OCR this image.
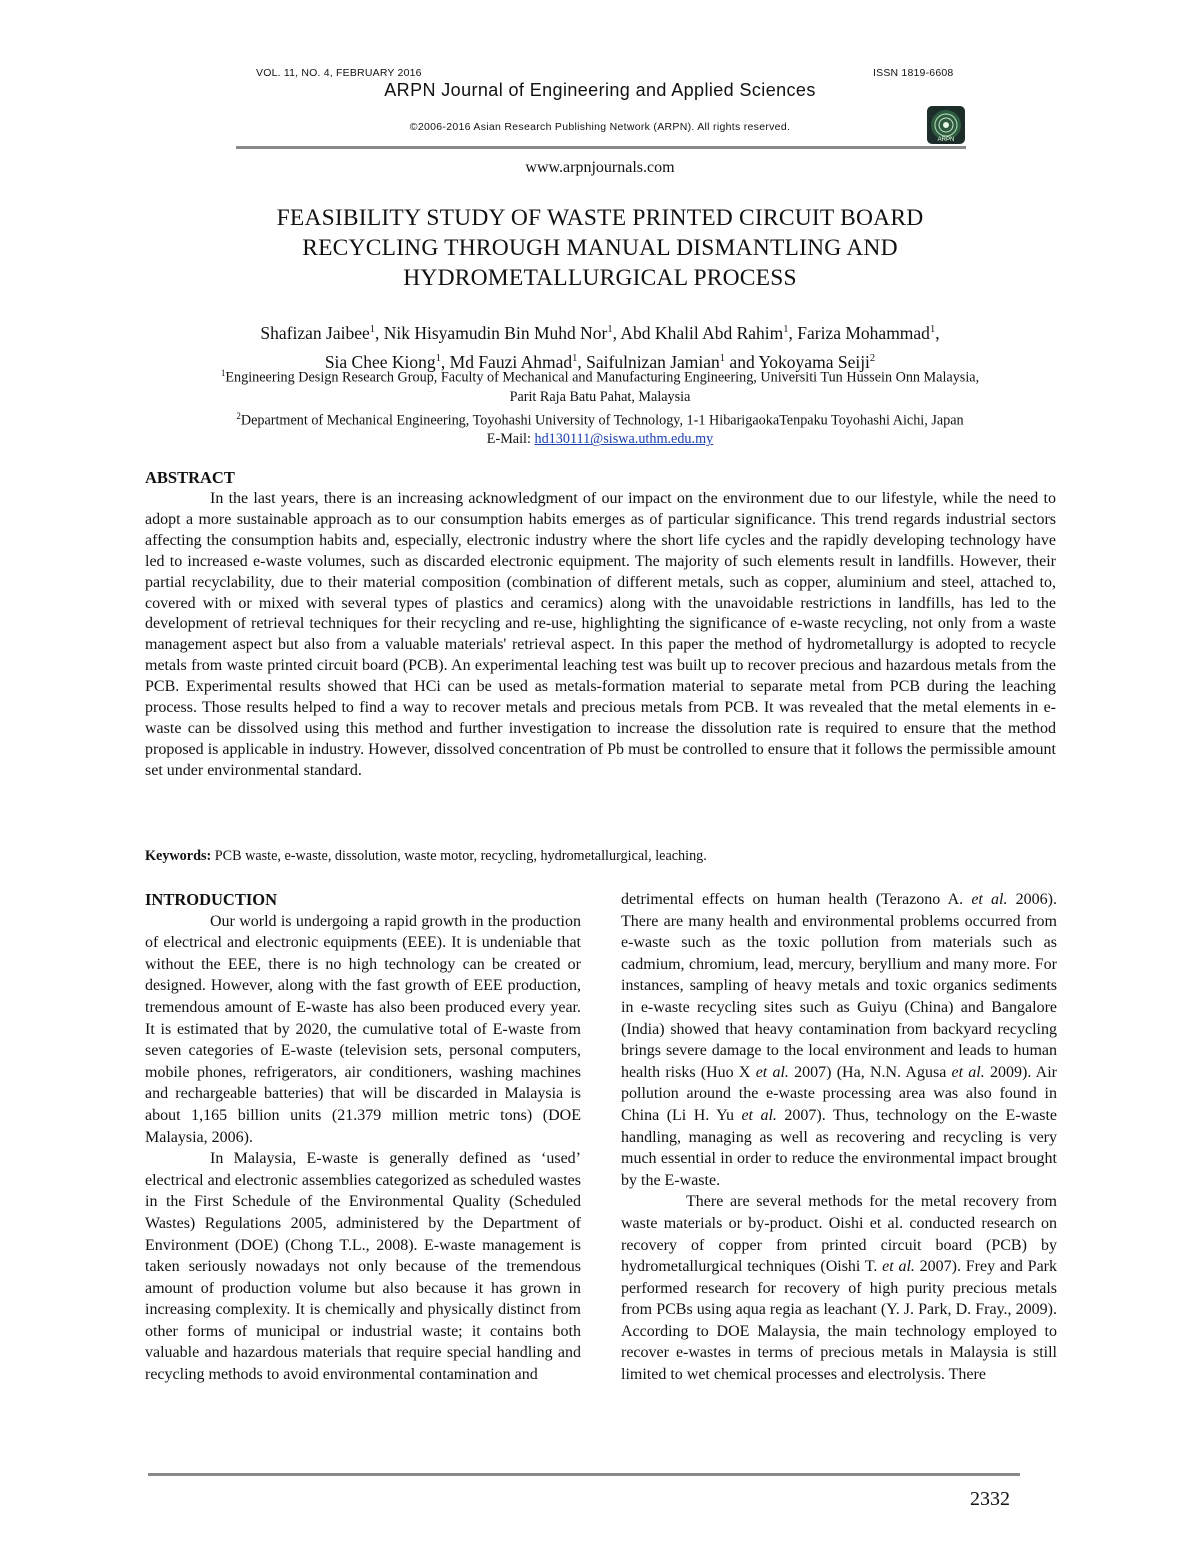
VOL. 11, NO. 4, FEBRUARY 2016	ISSN 1819-6608
ARPN Journal of Engineering and Applied Sciences
©2006-2016 Asian Research Publishing Network (ARPN). All rights reserved.
ARPN
www.arpnjournals.com
FEASIBILITY STUDY OF WASTE PRINTED CIRCUIT BOARD
RECYCLING THROUGH MANUAL DISMANTLING AND
HYDROMETALLURGICAL PROCESS
Shafizan Jaibee$^1$, Nik Hisyamudin Bin Muhd Nor$^1$, Abd Khalil Abd Rahim$^1$, Fariza Mohammad$^1$,
Sia Chee Kiong$^1$, Md Fauzi Ahmad$^1$, Saifulnizan Jamian$^1$ and Yokoyama Seiji$^2$
$^1$Engineering Design Research Group, Faculty of Mechanical and Manufacturing Engineering, Universiti Tun Hussein Onn Malaysia,
Parit Raja Batu Pahat, Malaysia
$^2$Department of Mechanical Engineering, Toyohashi University of Technology, 1-1 HibarigaokaTenpaku Toyohashi Aichi, Japan
E-Mail: hd130111@siswa.uthm.edu.my
ABSTRACT

In the last years, there is an increasing acknowledgment of our impact on the environment due to our lifestyle, while the need to adopt a more sustainable approach as to our consumption habits emerges as of particular significance. This trend regards industrial sectors affecting the consumption habits and, especially, electronic industry where the short life cycles and the rapidly developing technology have led to increased e-waste volumes, such as discarded electronic equipment. The majority of such elements result in landfills. However, their partial recyclability, due to their material composition (combination of different metals, such as copper, aluminium and steel, attached to, covered with or mixed with several types of plastics and ceramics) along with the unavoidable restrictions in landfills, has led to the development of retrieval techniques for their recycling and re-use, highlighting the significance of e-waste recycling, not only from a waste management aspect but also from a valuable materials' retrieval aspect. In this paper the method of hydrometallurgy is adopted to recycle metals from waste printed circuit board (PCB). An experimental leaching test was built up to recover precious and hazardous metals from the PCB. Experimental results showed that HCi can be used as metals-formation material to separate metal from PCB during the leaching process. Those results helped to find a way to recover metals and precious metals from PCB. It was revealed that the metal elements in e-waste can be dissolved using this method and further investigation to increase the dissolution rate is required to ensure that the method proposed is applicable in industry. However, dissolved concentration of Pb must be controlled to ensure that it follows the permissible amount set under environmental standard.

Keywords: PCB waste, e-waste, dissolution, waste motor, recycling, hydrometallurgical, leaching.
INTRODUCTION

Our world is undergoing a rapid growth in the production of electrical and electronic equipments (EEE). It is undeniable that without the EEE, there is no high technology can be created or designed. However, along with the fast growth of EEE production, tremendous amount of E-waste has also been produced every year. It is estimated that by 2020, the cumulative total of E-waste from seven categories of E-waste (television sets, personal computers, mobile phones, refrigerators, air conditioners, washing machines and rechargeable batteries) that will be discarded in Malaysia is about 1,165 billion units (21.379 million metric tons) (DOE Malaysia, 2006).

In Malaysia, E-waste is generally defined as ‘used’ electrical and electronic assemblies categorized as scheduled wastes in the First Schedule of the Environmental Quality (Scheduled Wastes) Regulations 2005, administered by the Department of Environment (DOE) (Chong T.L., 2008). E-waste management is taken seriously nowadays not only because of the tremendous amount of production volume but also because it has grown in increasing complexity. It is chemically and physically distinct from other forms of municipal or industrial waste; it contains both valuable and hazardous materials that require special handling and recycling methods to avoid environmental contamination and

detrimental effects on human health (Terazono A. et al. 2006). There are many health and environmental problems occurred from e-waste such as the toxic pollution from materials such as cadmium, chromium, lead, mercury, beryllium and many more. For instances, sampling of heavy metals and toxic organics sediments in e-waste recycling sites such as Guiyu (China) and Bangalore (India) showed that heavy contamination from backyard recycling brings severe damage to the local environment and leads to human health risks (Huo X et al. 2007) (Ha, N.N. Agusa et al. 2009). Air pollution around the e-waste processing area was also found in China (Li H. Yu et al. 2007). Thus, technology on the E-waste handling, managing as well as recovering and recycling is very much essential in order to reduce the environmental impact brought by the E-waste.

There are several methods for the metal recovery from waste materials or by-product. Oishi et al. conducted research on recovery of copper from printed circuit board (PCB) by hydrometallurgical techniques (Oishi T. et al. 2007). Frey and Park performed research for recovery of high purity precious metals from PCBs using aqua regia as leachant (Y. J. Park, D. Fray., 2009). According to DOE Malaysia, the main technology employed to recover e-wastes in terms of precious metals in Malaysia is still limited to wet chemical processes and electrolysis. There

2332
